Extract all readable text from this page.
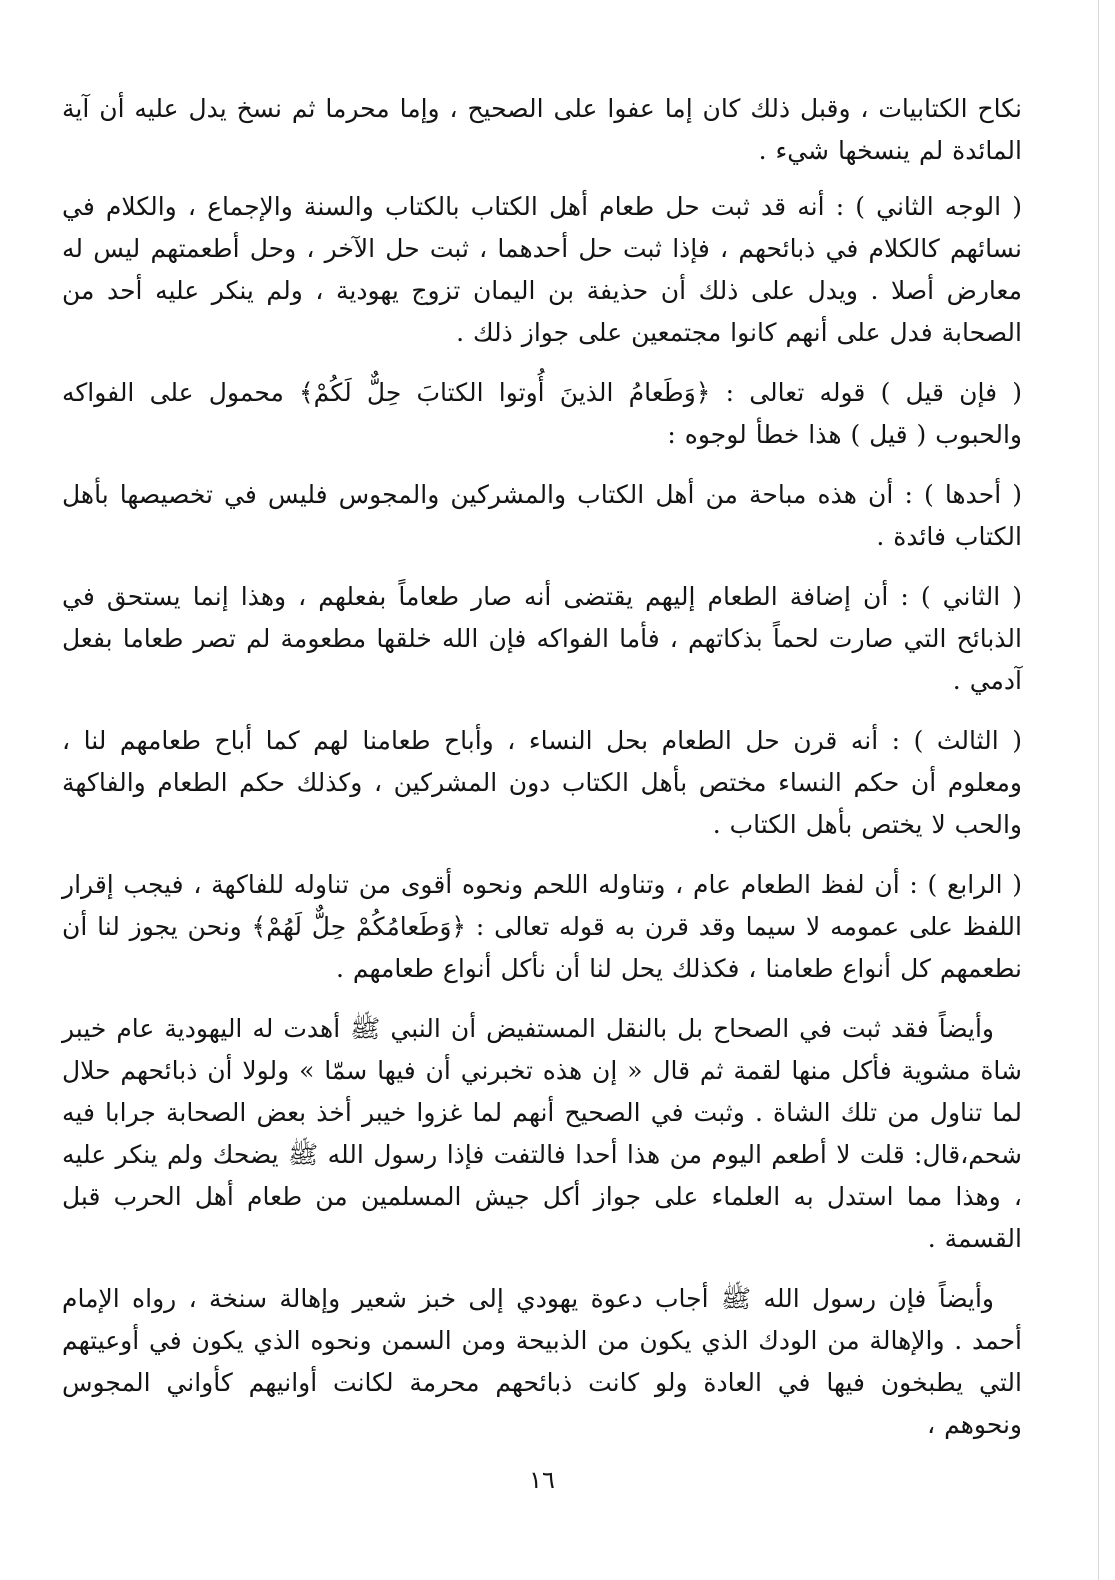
نكاح الكتابيات ، وقبل ذلك كان إما عفوا على الصحيح ، وإما محرما ثم نسخ يدل عليه أن آية المائدة لم ينسخها شيء .

( الوجه الثاني ) : أنه قد ثبت حل طعام أهل الكتاب بالكتاب والسنة والإجماع ، والكلام في نسائهم كالكلام في ذبائحهم ، فإذا ثبت حل أحدهما ، ثبت حل الآخر ، وحل أطعمتهم ليس له معارض أصلا . ويدل على ذلك أن حذيفة بن اليمان تزوج يهودية ، ولم ينكر عليه أحد من الصحابة فدل على أنهم كانوا مجتمعين على جواز ذلك .

( فإن قيل ) قوله تعالى : ﴿وَطَعامُ الذينَ أُوتوا الكتابَ حِلٌّ لَكُمْ﴾ محمول على الفواكه والحبوب ( قيل ) هذا خطأ لوجوه :

( أحدها ) : أن هذه مباحة من أهل الكتاب والمشركين والمجوس فليس في تخصيصها بأهل الكتاب فائدة .

( الثاني ) : أن إضافة الطعام إليهم يقتضى أنه صار طعاماً بفعلهم ، وهذا إنما يستحق في الذبائح التي صارت لحماً بذكاتهم ، فأما الفواكه فإن الله خلقها مطعومة لم تصر طعاما بفعل آدمي .

( الثالث ) : أنه قرن حل الطعام بحل النساء ، وأباح طعامنا لهم كما أباح طعامهم لنا ، ومعلوم أن حكم النساء مختص بأهل الكتاب دون المشركين ، وكذلك حكم الطعام والفاكهة والحب لا يختص بأهل الكتاب .

( الرابع ) : أن لفظ الطعام عام ، وتناوله اللحم ونحوه أقوى من تناوله للفاكهة ، فيجب إقرار اللفظ على عمومه لا سيما وقد قرن به قوله تعالى : ﴿وَطَعامُكُمْ حِلٌّ لَهُمْ﴾ ونحن يجوز لنا أن نطعمهم كل أنواع طعامنا ، فكذلك يحل لنا أن نأكل أنواع طعامهم .

وأيضاً فقد ثبت في الصحاح بل بالنقل المستفيض أن النبي ﷺ أهدت له اليهودية عام خيبر شاة مشوية فأكل منها لقمة ثم قال « إن هذه تخبرني أن فيها سمّا » ولولا أن ذبائحهم حلال لما تناول من تلك الشاة . وثبت في الصحيح أنهم لما غزوا خيبر أخذ بعض الصحابة جرابا فيه شحم،قال: قلت لا أطعم اليوم من هذا أحدا فالتفت فإذا رسول الله ﷺ يضحك ولم ينكر عليه ، وهذا مما استدل به العلماء على جواز أكل جيش المسلمين من طعام أهل الحرب قبل القسمة .

وأيضاً فإن رسول الله ﷺ أجاب دعوة يهودي إلى خبز شعير وإهالة سنخة ، رواه الإمام أحمد . والإهالة من الودك الذي يكون من الذبيحة ومن السمن ونحوه الذي يكون في أوعيتهم التي يطبخون فيها في العادة ولو كانت ذبائحهم محرمة لكانت أوانيهم كأواني المجوس ونحوهم ،

١٦
